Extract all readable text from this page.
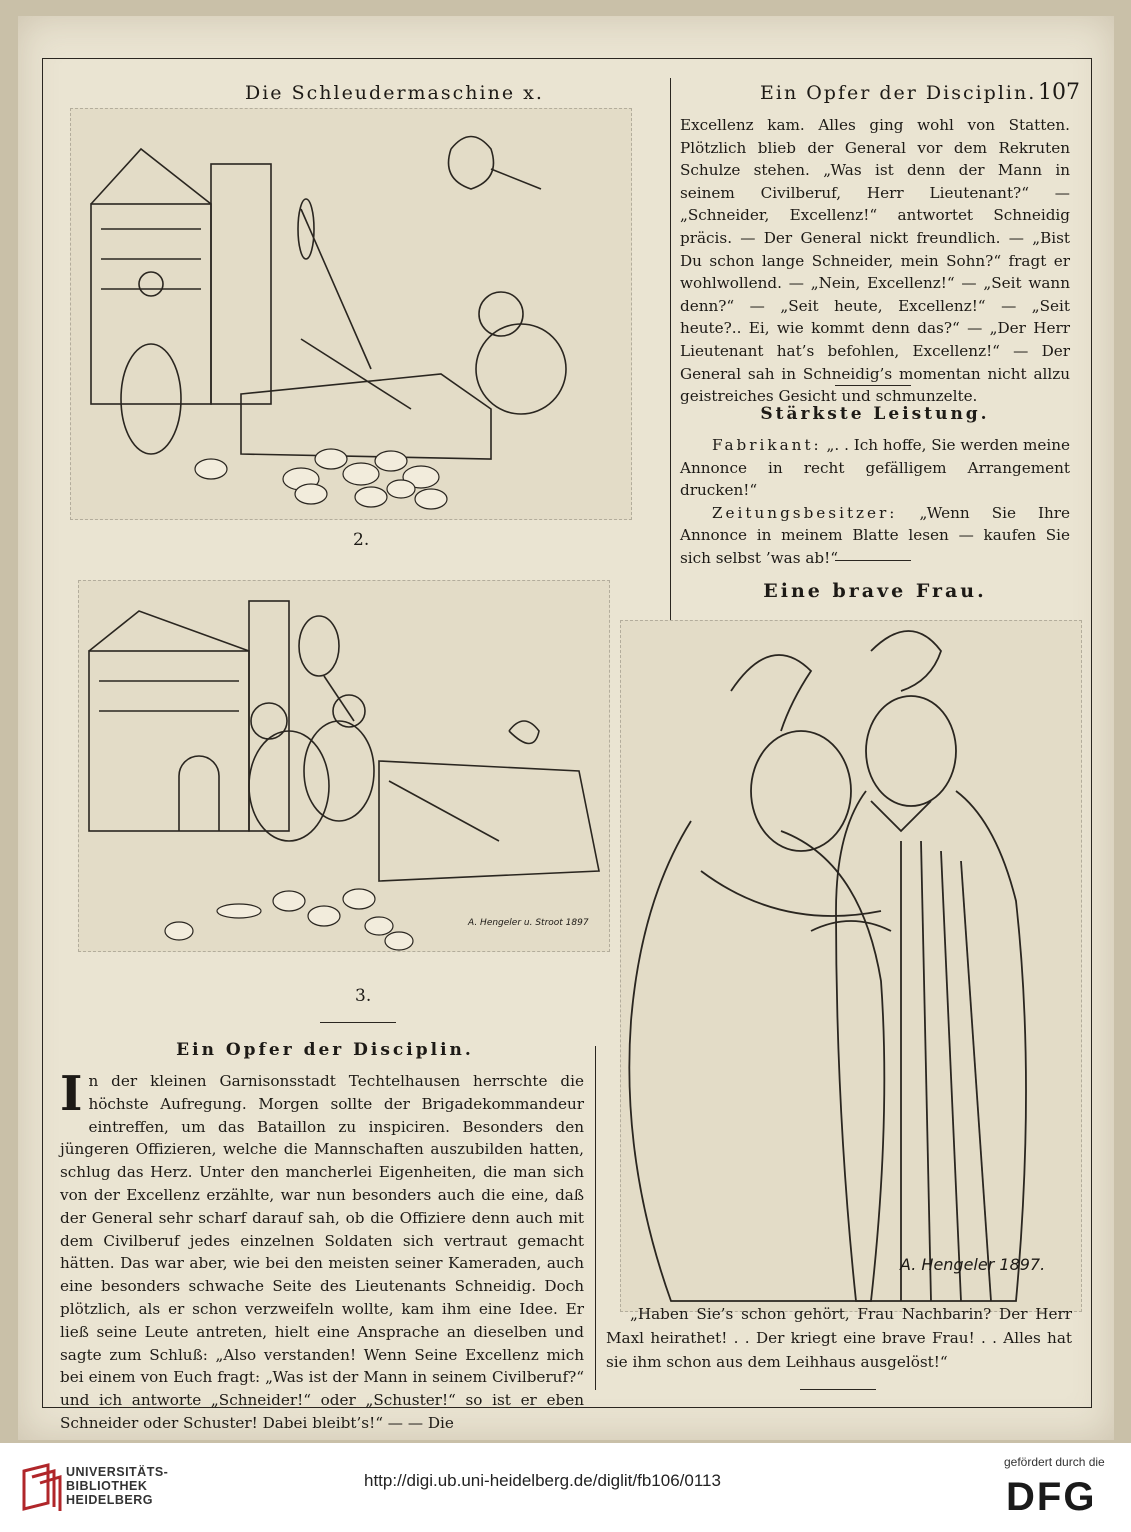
Die Schleudermaschine x.	Ein Opfer der Disciplin. 107
2.
A. Hengeler u. Stroot 1897
3.
Excellenz kam. Alles ging wohl von Statten. Plötzlich blieb der General vor dem Rekruten Schulze stehen. „Was ist denn der Mann in seinem Civilberuf, Herr Lieutenant?“ — „Schneider, Excellenz!“ antwortet Schneidig präcis. — Der General nickt freundlich. — „Bist Du schon lange Schneider, mein Sohn?“ fragt er wohlwollend. — „Nein, Excellenz!“ — „Seit wann denn?“ — „Seit heute, Excellenz!“ — „Seit heute?.. Ei, wie kommt denn das?“ — „Der Herr Lieutenant hat’s befohlen, Excellenz!“ — Der General sah in Schneidig’s momentan nicht allzu geistreiches Gesicht und schmunzelte.
Stärkste Leistung.
Fabrikant: „. . Ich hoffe, Sie werden meine Annonce in recht gefälligem Arrangement drucken!“
Zeitungsbesitzer: „Wenn Sie Ihre Annonce in meinem Blatte lesen — kaufen Sie sich selbst ’was ab!“
Eine brave Frau.
A. Hengeler 1897.
„Haben Sie’s schon gehört, Frau Nachbarin? Der Herr Maxl heirathet! . . Der kriegt eine brave Frau! . . Alles hat sie ihm schon aus dem Leihhaus ausgelöst!“
Ein Opfer der Disciplin.
I n der kleinen Garnisonsstadt Techtelhausen herrschte die höchste Aufregung. Morgen sollte der Brigadekommandeur eintreffen, um das Bataillon zu inspiciren. Besonders den jüngeren Offizieren, welche die Mannschaften auszubilden hatten, schlug das Herz. Unter den mancherlei Eigenheiten, die man sich von der Excellenz erzählte, war nun besonders auch die eine, daß der General sehr scharf darauf sah, ob die Offiziere denn auch mit dem Civilberuf jedes einzelnen Soldaten sich vertraut gemacht hätten. Das war aber, wie bei den meisten seiner Kameraden, auch eine besonders schwache Seite des Lieutenants Schneidig. Doch plötzlich, als er schon verzweifeln wollte, kam ihm eine Idee. Er ließ seine Leute antreten, hielt eine Ansprache an dieselben und sagte zum Schluß: „Also verstanden! Wenn Seine Excellenz mich bei einem von Euch fragt: „Was ist der Mann in seinem Civilberuf?“ und ich antworte „Schneider!“ oder „Schuster!“ so ist er eben Schneider oder Schuster! Dabei bleibt’s!“ — — Die
UNIVERSITÄTS-
BIBLIOTHEK
HEIDELBERG
http://digi.ub.uni-heidelberg.de/diglit/fb106/0113
gefördert durch die
DFG
